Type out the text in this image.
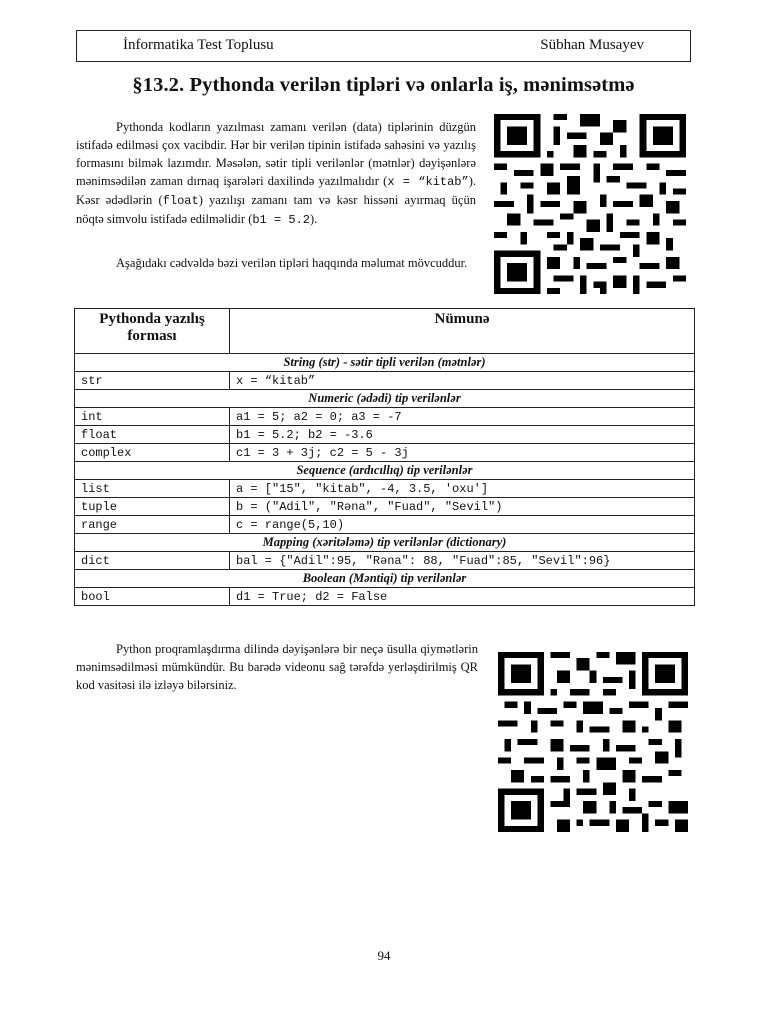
İnformatika Test Toplusu	Sübhan Musayev
§13.2. Pythonda verilən tipləri və onlarla iş, mənimsətmə

Pythonda kodların yazılması zamanı verilən (data) tiplərinin düzgün istifadə edilməsi çox vacibdir. Hər bir verilən tipinin istifadə sahəsini və yazılış formasını bilmək lazımdır. Məsələn, sətir tipli verilənlər (mətnlər) dəyişənlərə mənimsədilən zaman dırnaq işarələri daxilində yazılmalıdır (x = “kitab”). Kəsr ədədlərin (float) yazılışı zamanı tam və kəsr hissəni ayırmaq üçün nöqtə simvolu istifadə edilməlidir (b1 = 5.2).

Aşağıdakı cədvəldə bəzi verilən tipləri haqqında məlumat mövcuddur.

Pythonda yazılış forması	Nümunə
String (str) - sətir tipli verilən (mətnlər)	
str	x = “kitab”
Numeric (ədədi) tip verilənlər	
int	a1 = 5; a2 = 0; a3 = -7
float	b1 = 5.2; b2 = -3.6
complex	c1 = 3 + 3j; c2 = 5 - 3j
Sequence (ardıcıllıq) tip verilənlər	
list	a = ["15", "kitab", -4, 3.5, 'oxu']
tuple	b = ("Adil", "Rəna", "Fuad", "Sevil")
range	c = range(5,10)
Mapping (xəritələmə) tip verilənlər (dictionary)	
dict	bal = {"Adil":95, "Rəna": 88, "Fuad":85, "Sevil":96}
Boolean (Məntiqi) tip verilənlər	
bool	d1 = True; d2 = False

Python proqramlaşdırma dilində dəyişənlərə bir neçə üsulla qiymətlərin mənimsədilməsi mümkündür. Bu barədə videonu sağ tərəfdə yerləşdirilmiş QR kod vasitəsi ilə izləyə bilərsiniz.

94
